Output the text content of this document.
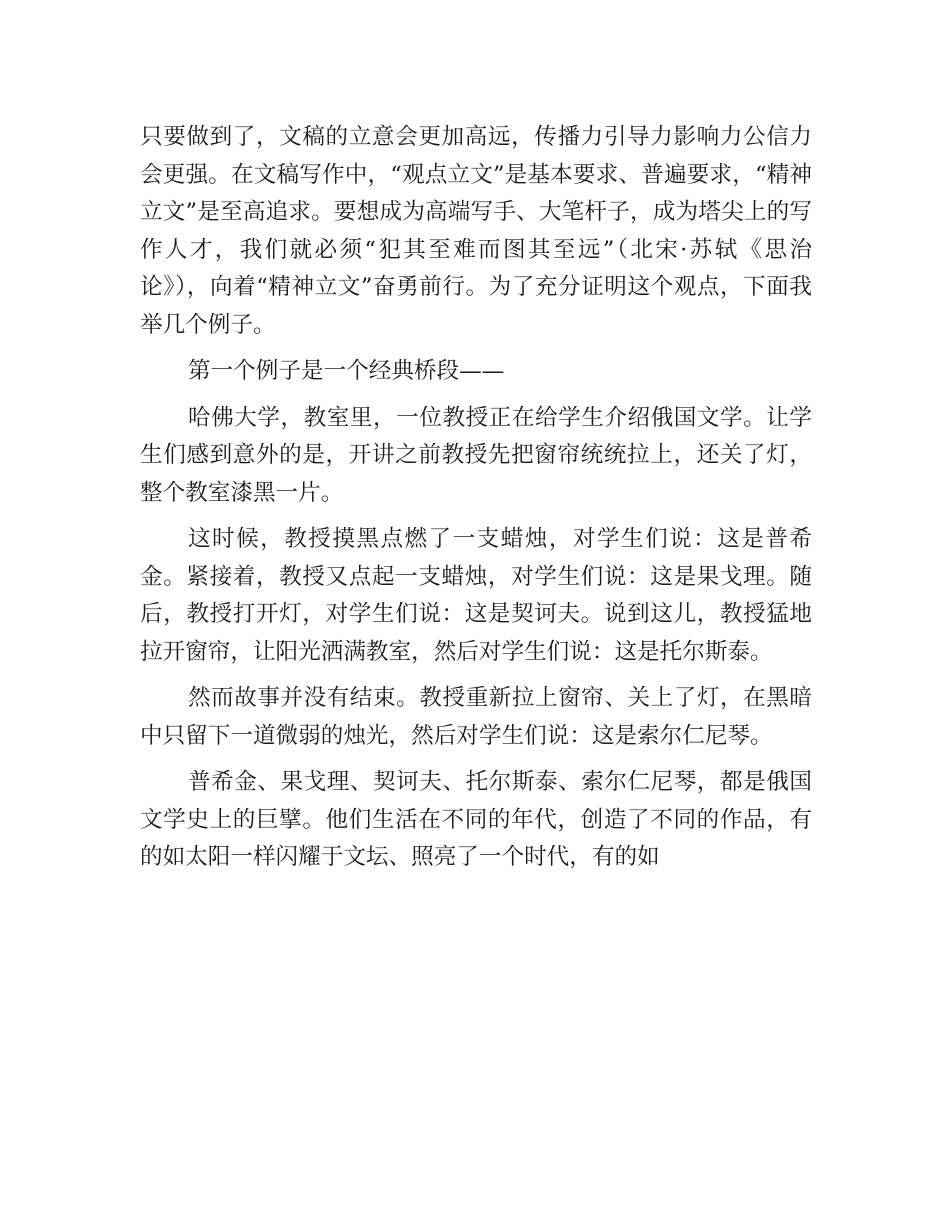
只要做到了，文稿的立意会更加高远，传播力引导力影响力公信力会更强。在文稿写作中，“观点立文”是基本要求、普遍要求，“精神立文”是至高追求。要想成为高端写手、大笔杆子，成为塔尖上的写作人才，我们就必须“犯其至难而图其至远”（北宋·苏轼《思治论》），向着“精神立文”奋勇前行。为了充分证明这个观点，下面我举几个例子。

第一个例子是一个经典桥段——

哈佛大学，教室里，一位教授正在给学生介绍俄国文学。让学生们感到意外的是，开讲之前教授先把窗帘统统拉上，还关了灯，整个教室漆黑一片。

这时候，教授摸黑点燃了一支蜡烛，对学生们说：这是普希金。紧接着，教授又点起一支蜡烛，对学生们说：这是果戈理。随后，教授打开灯，对学生们说：这是契诃夫。说到这儿，教授猛地拉开窗帘，让阳光洒满教室，然后对学生们说：这是托尔斯泰。

然而故事并没有结束。教授重新拉上窗帘、关上了灯，在黑暗中只留下一道微弱的烛光，然后对学生们说：这是索尔仁尼琴。

普希金、果戈理、契诃夫、托尔斯泰、索尔仁尼琴，都是俄国文学史上的巨擘。他们生活在不同的年代，创造了不同的作品，有的如太阳一样闪耀于文坛、照亮了一个时代，有的如
